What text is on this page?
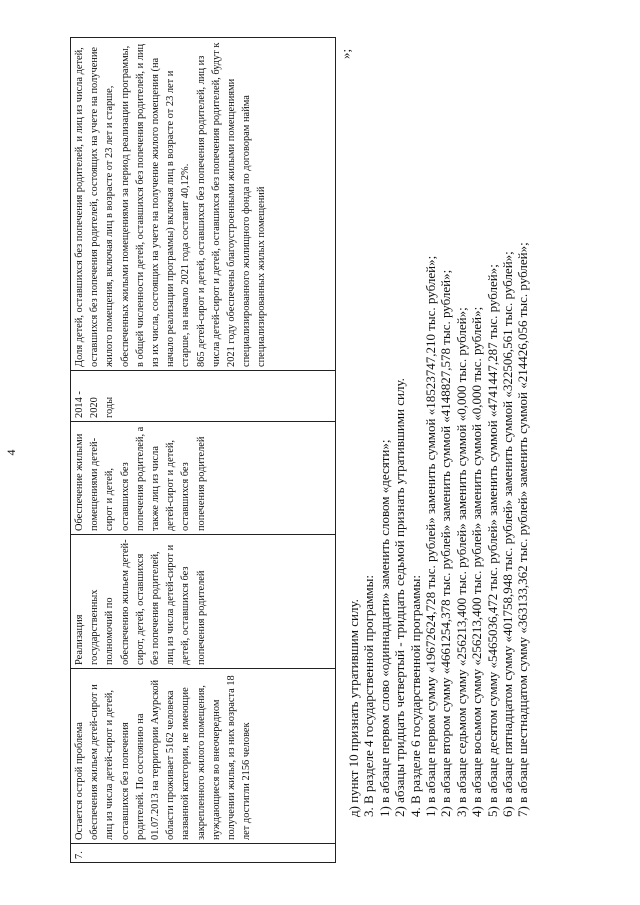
4
7.	Остается острой проблема обеспечения жильем детей-сирот и лиц из числа детей-сирот и детей, оставшихся без попечения родителей. По состоянию на 01.07.2013 на территории Амурской области проживает 5162 человека названной категории, не имеющие закрепленного жилого помещения, нуждающиеся во внеочередном получении жилья, из них возраста 18 лет достигли 2156 человек	Реализация государственных полномочий по обеспечению жильем детей-сирот, детей, оставшихся без попечения родителей, лиц из числа детей-сирот и детей, оставшихся без попечения родителей	Обеспечение жилыми помещениями детей-сирот и детей, оставшихся без попечения родителей, а также лиц из числа детей-сирот и детей, оставшихся без попечения родителей	2014 - 2020 годы	Доля детей, оставшихся без попечения родителей, и лиц из числа детей, оставшихся без попечения родителей, состоящих на учете на получение жилого помещения, включая лиц в возрасте от 23 лет и старше, обеспеченных жилыми помещениями за период реализации программы, в общей численности детей, оставшихся без попечения родителей, и лиц из их числа, состоящих на учете на получение жилого помещения (на начало реализации программы) включая лиц в возрасте от 23 лет и старше, на начало 2021 года составит 40,12%. 865 детей-сирот и детей, оставшихся без попечения родителей, лиц из числа детей-сирот и детей, оставшихся без попечения родителей, будут к 2021 году обеспечены благоустроенными жилыми помещениями специализированного жилищного фонда по договорам найма специализированных жилых помещений
»;

д) пункт 10 признать утратившим силу. 3. В разделе 4 государственной программы: 1) в абзаце первом слово «одиннадцати» заменить словом «десяти»; 2) абзацы тридцать четвертый - тридцать седьмой признать утратившими силу. 4. В разделе 6 государственной программы: 1) в абзаце первом сумму «19672624,728 тыс. рублей» заменить суммой «18523747,210 тыс. рублей»; 2) в абзаце втором сумму «4661254,378 тыс. рублей» заменить суммой «4148827,578 тыс. рублей»; 3) в абзаце седьмом сумму «256213,400 тыс. рублей» заменить суммой «0,000 тыс. рублей»; 4) в абзаце восьмом сумму «256213,400 тыс. рублей» заменить суммой «0,000 тыс. рублей»; 5) в абзаце десятом сумму «5465036,472 тыс. рублей» заменить суммой «4741447,287 тыс. рублей»; 6) в абзаце пятнадцатом сумму «401758,948 тыс. рублей» заменить суммой «322506,561 тыс. рублей»; 7) в абзаце шестнадцатом сумму «363133,362 тыс. рублей» заменить суммой «214426,056 тыс. рублей»;
